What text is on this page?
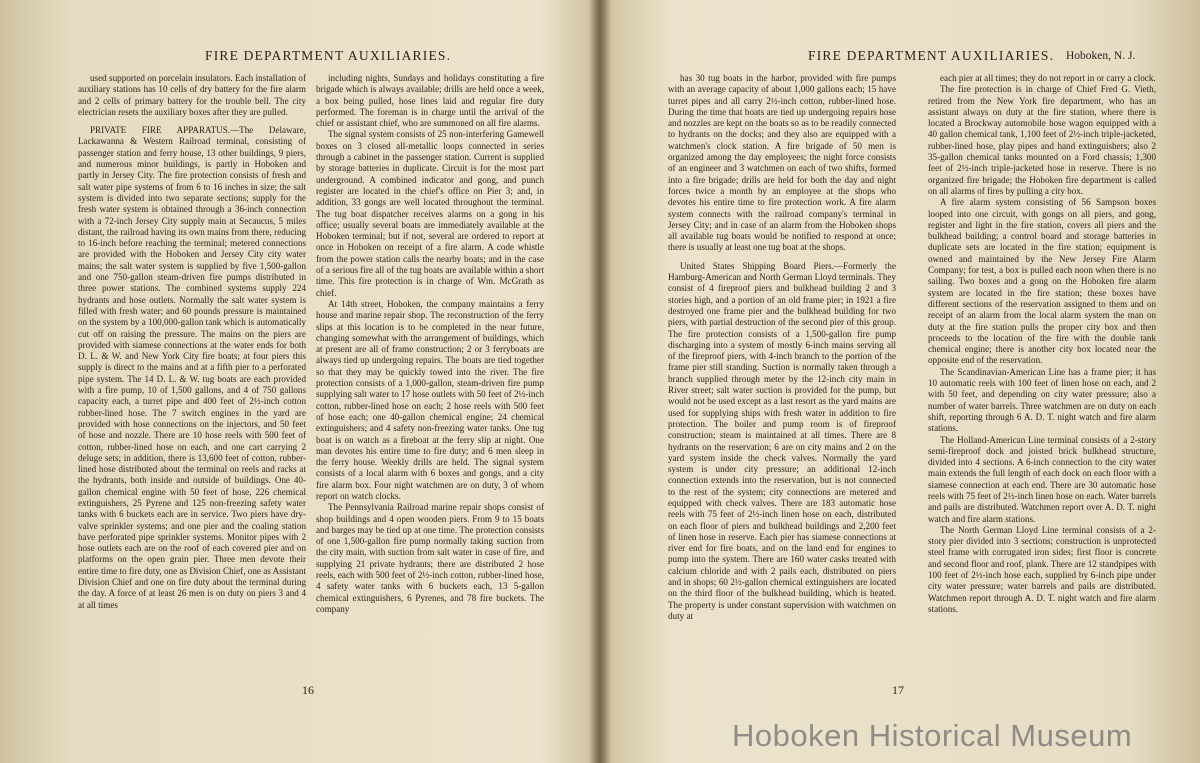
FIRE DEPARTMENT AUXILIARIES.

used supported on porcelain insulators. Each installation of auxiliary stations has 10 cells of dry battery for the fire alarm and 2 cells of primary battery for the trouble bell. The city electrician resets the auxiliary boxes after they are pulled.

PRIVATE FIRE APPARATUS.—The Delaware, Lackawanna & Western Railroad terminal, consisting of passenger station and ferry house, 13 other buildings, 9 piers, and numerous minor buildings, is partly in Hoboken and partly in Jersey City. The fire protection consists of fresh and salt water pipe systems of from 6 to 16 inches in size; the salt system is divided into two separate sections; supply for the fresh water system is obtained through a 36-inch connection with a 72-inch Jersey City supply main at Secaucus, 5 miles distant, the railroad having its own mains from there, reducing to 16-inch before reaching the terminal; metered connections are provided with the Hoboken and Jersey City city water mains; the salt water system is supplied by five 1,500-gallon and one 750-gallon steam-driven fire pumps distributed in three power stations. The combined systems supply 224 hydrants and hose outlets. Normally the salt water system is filled with fresh water; and 60 pounds pressure is maintained on the system by a 100,000-gallon tank which is automatically cut off on raising the pressure. The mains on the piers are provided with siamese connections at the water ends for both D. L. & W. and New York City fire boats; at four piers this supply is direct to the mains and at a fifth pier to a perforated pipe system. The 14 D. L. & W. tug boats are each provided with a fire pump, 10 of 1,500 gallons, and 4 of 750 gallons capacity each, a turret pipe and 400 feet of 2½-inch cotton rubber-lined hose. The 7 switch engines in the yard are provided with hose connections on the injectors, and 50 feet of hose and nozzle. There are 10 hose reels with 500 feet of cotton, rubber-lined hose on each, and one cart carrying 2 deluge sets; in addition, there is 13,600 feet of cotton, rubber-lined hose distributed about the terminal on reels and racks at the hydrants, both inside and outside of buildings. One 40-gallon chemical engine with 50 feet of hose, 226 chemical extinguishers, 25 Pyrene and 125 non-freezing safety water tanks with 6 buckets each are in service. Two piers have dry-valve sprinkler systems; and one pier and the coaling station have perforated pipe sprinkler systems. Monitor pipes with 2 hose outlets each are on the roof of each covered pier and on platforms on the open grain pier. Three men devote their entire time to fire duty, one as Division Chief, one as Assistant Division Chief and one on fire duty about the terminal during the day. A force of at least 26 men is on duty on piers 3 and 4 at all times

including nights, Sundays and holidays constituting a fire brigade which is always available; drills are held once a week, a box being pulled, hose lines laid and regular fire duty performed. The foreman is in charge until the arrival of the chief or assistant chief, who are summoned on all fire alarms.

The signal system consists of 25 non-interfering Gamewell boxes on 3 closed all-metallic loops connected in series through a cabinet in the passenger station. Current is supplied by storage batteries in duplicate. Circuit is for the most part underground. A combined indicator and gong, and punch register are located in the chief's office on Pier 3; and, in addition, 33 gongs are well located throughout the terminal. The tug boat dispatcher receives alarms on a gong in his office; usually several boats are immediately available at the Hoboken terminal; but if not, several are ordered to report at once in Hoboken on receipt of a fire alarm. A code whistle from the power station calls the nearby boats; and in the case of a serious fire all of the tug boats are available within a short time. This fire protection is in charge of Wm. McGrath as chief.

At 14th street, Hoboken, the company maintains a ferry house and marine repair shop. The reconstruction of the ferry slips at this location is to be completed in the near future, changing somewhat with the arrangement of buildings, which at present are all of frame construction; 2 or 3 ferryboats are always tied up undergoing repairs. The boats are tied together so that they may be quickly towed into the river. The fire protection consists of a 1,000-gallon, steam-driven fire pump supplying salt water to 17 hose outlets with 50 feet of 2½-inch cotton, rubber-lined hose on each; 2 hose reels with 500 feet of hose each; one 40-gallon chemical engine; 24 chemical extinguishers; and 4 safety non-freezing water tanks. One tug boat is on watch as a fireboat at the ferry slip at night. One man devotes his entire time to fire duty; and 6 men sleep in the ferry house. Weekly drills are held. The signal system consists of a local alarm with 6 boxes and gongs, and a city fire alarm box. Four night watchmen are on duty, 3 of whom report on watch clocks.

The Pennsylvania Railroad marine repair shops consist of shop buildings and 4 open wooden piers. From 9 to 15 boats and barges may be tied up at one time. The protection consists of one 1,500-gallon fire pump normally taking suction from the city main, with suction from salt water in case of fire, and supplying 21 private hydrants; there are distributed 2 hose reels, each with 500 feet of 2½-inch cotton, rubber-lined hose, 4 safety water tanks with 6 buckets each, 13 5-gallon chemical extinguishers, 6 Pyrenes, and 78 fire buckets. The company

16
FIRE DEPARTMENT AUXILIARIES. Hoboken, N. J.

has 30 tug boats in the harbor, provided with fire pumps with an average capacity of about 1,000 gallons each; 15 have turret pipes and all carry 2½-inch cotton, rubber-lined hose. During the time that boats are tied up undergoing repairs hose and nozzles are kept on the boats so as to be readily connected to hydrants on the docks; and they also are equipped with a watchmen's clock station. A fire brigade of 50 men is organized among the day employees; the night force consists of an engineer and 3 watchmen on each of two shifts, formed into a fire brigade; drills are held for both the day and night forces twice a month by an employee at the shops who devotes his entire time to fire protection work. A fire alarm system connects with the railroad company's terminal in Jersey City; and in case of an alarm from the Hoboken shops all available tug boats would be notified to respond at once; there is usually at least one tug boat at the shops.

United States Shipping Board Piers.—Formerly the Hamburg-American and North German Lloyd terminals. They consist of 4 fireproof piers and bulkhead building 2 and 3 stories high, and a portion of an old frame pier; in 1921 a fire destroyed one frame pier and the bulkhead building for two piers, with partial destruction of the second pier of this group. The fire protection consists of a 1,500-gallon fire pump discharging into a system of mostly 6-inch mains serving all of the fireproof piers, with 4-inch branch to the portion of the frame pier still standing. Suction is normally taken through a branch supplied through meter by the 12-inch city main in River street; salt water suction is provided for the pump, but would not be used except as a last resort as the yard mains are used for supplying ships with fresh water in addition to fire protection. The boiler and pump room is of fireproof construction; steam is maintained at all times. There are 8 hydrants on the reservation; 6 are on city mains and 2 on the yard system inside the check valves. Normally the yard system is under city pressure; an additional 12-inch connection extends into the reservation, but is not connected to the rest of the system; city connections are metered and equipped with check valves. There are 183 automatic hose reels with 75 feet of 2½-inch linen hose on each, distributed on each floor of piers and bulkhead buildings and 2,200 feet of linen hose in reserve. Each pier has siamese connections at river end for fire boats, and on the land end for engines to pump into the system. There are 160 water casks treated with calcium chloride and with 2 pails each, distributed on piers and in shops; 60 2½-gallon chemical extinguishers are located on the third floor of the bulkhead building, which is heated. The property is under constant supervision with watchmen on duty at

each pier at all times; they do not report in or carry a clock.

The fire protection is in charge of Chief Fred G. Vieth, retired from the New York fire department, who has an assistant always on duty at the fire station, where there is located a Brockway automobile hose wagon equipped with a 40 gallon chemical tank, 1,100 feet of 2½-inch triple-jacketed, rubber-lined hose, play pipes and hand extinguishers; also 2 35-gallon chemical tanks mounted on a Ford chassis; 1,300 feet of 2½-inch triple-jacketed hose in reserve. There is no organized fire brigade; the Hoboken fire department is called on all alarms of fires by pulling a city box.

A fire alarm system consisting of 56 Sampson boxes looped into one circuit, with gongs on all piers, and gong, register and light in the fire station, covers all piers and the bulkhead building; a control board and storage batteries in duplicate sets are located in the fire station; equipment is owned and maintained by the New Jersey Fire Alarm Company; for test, a box is pulled each noon when there is no sailing. Two boxes and a gong on the Hoboken fire alarm system are located in the fire station; these boxes have different sections of the reservation assigned to them and on receipt of an alarm from the local alarm system the man on duty at the fire station pulls the proper city box and then proceeds to the location of the fire with the double tank chemical engine; there is another city box located near the opposite end of the reservation.

The Scandinavian-American Line has a frame pier; it has 10 automatic reels with 100 feet of linen hose on each, and 2 with 50 feet, and depending on city water pressure; also a number of water barrels. Three watchmen are on duty on each shift, reporting through 6 A. D. T. night watch and fire alarm stations.

The Holland-American Line terminal consists of a 2-story semi-fireproof dock and joisted brick bulkhead structure, divided into 4 sections. A 6-inch connection to the city water main extends the full length of each dock on each floor with a siamese connection at each end. There are 30 automatic hose reels with 75 feet of 2½-inch linen hose on each. Water barrels and pails are distributed. Watchmen report over A. D. T. night watch and fire alarm stations.

The North German Lloyd Line terminal consists of a 2-story pier divided into 3 sections; construction is unprotected steel frame with corrugated iron sides; first floor is concrete and second floor and roof, plank. There are 12 standpipes with 100 feet of 2½-inch hose each, supplied by 6-inch pipe under city water pressure; water barrels and pails are distributed. Watchmen report through A. D. T. night watch and fire alarm stations.

17
Hoboken Historical Museum
